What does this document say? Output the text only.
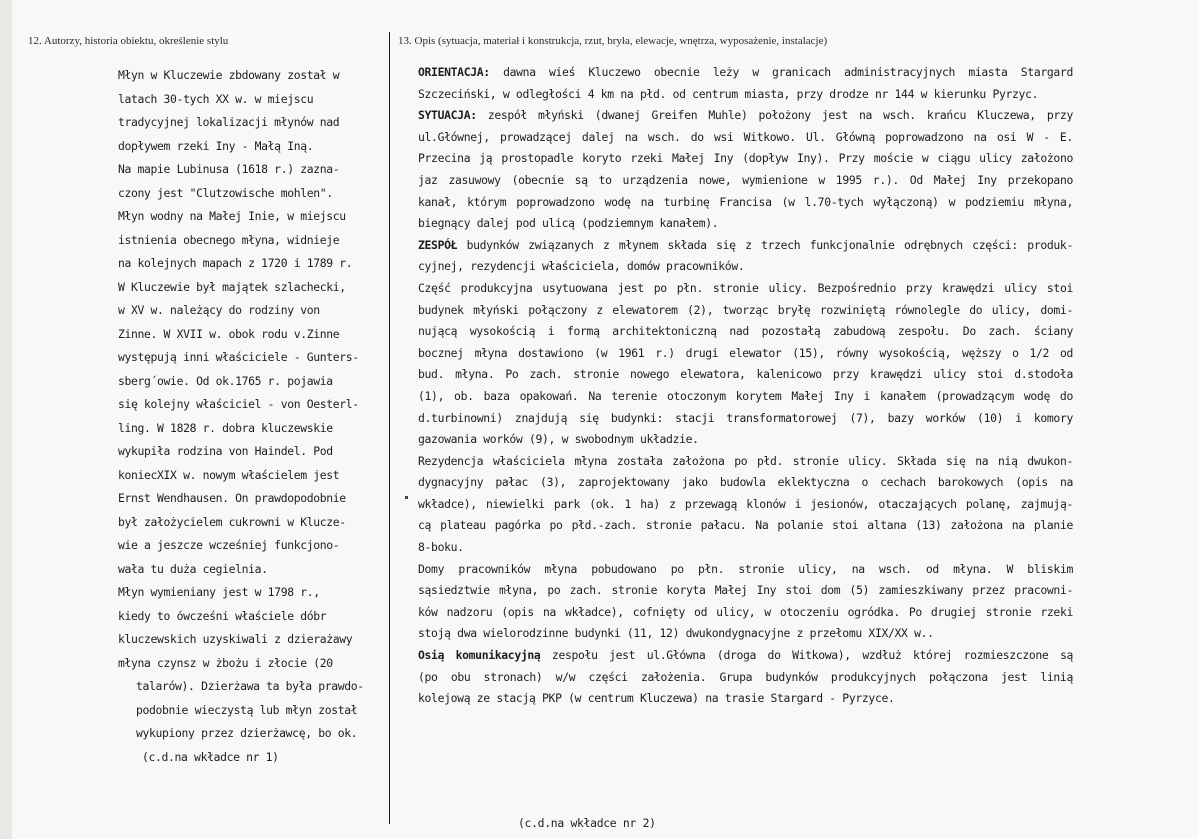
12. Autorzy, historia obiektu, określenie stylu	13. Opis (sytuacja, materiał i konstrukcja, rzut, bryła, elewacje, wnętrza, wyposażenie, instalacje)
Młyn w Kluczewie zbdowany został w
latach 30-tych XX w. w miejscu
tradycyjnej lokalizacji młynów nad
dopływem rzeki Iny - Małą Iną.
Na mapie Lubinusa (1618 r.) zazna-
czony jest "Clutzowische mohlen".
Młyn wodny na Małej Inie, w miejscu
istnienia obecnego młyna, widnieje
na kolejnych mapach z 1720 i 1789 r.
W Kluczewie był majątek szlachecki,
w XV w. należący do rodziny von
Zinne. W XVII w. obok rodu v.Zinne
występują inni właściciele - Gunters-
sberg´owie. Od ok.1765 r. pojawia
się kolejny właściciel - von Oesterl-
ling. W 1828 r. dobra kluczewskie
wykupiła rodzina von Haindel. Pod
koniecXIX w. nowym właścielem jest
Ernst Wendhausen. On prawdopodobnie
był założycielem cukrowni w Klucze-
wie a jeszcze wcześniej funkcjono-
wała tu duża cegielnia.
Młyn wymieniany jest w 1798 r.,
kiedy to ówcześni właściele dóbr
kluczewskich uzyskiwali z dzierażawy
młyna czynsz w żbożu i złocie (20
talarów). Dzierżawa ta była prawdo-
podobnie wieczystą lub młyn został
wykupiony przez dzierżawcę, bo ok.
(c.d.na wkładce nr 1)
ORIENTACJA: dawna wieś Kluczewo obecnie leży w granicach administracyjnych miasta Stargard
Szczeciński, w odległości 4 km na płd. od centrum miasta, przy drodze nr 144 w kierunku Pyrzyc.
SYTUACJA: zespół młyński (dwanej Greifen Muhle) położony jest na wsch. krańcu Kluczewa, przy
ul.Głównej, prowadzącej dalej na wsch. do wsi Witkowo. Ul. Główną poprowadzono na osi W - E.
Przecina ją prostopadle koryto rzeki Małej Iny (dopływ Iny). Przy moście w ciągu ulicy założono
jaz zasuwowy (obecnie są to urządzenia nowe, wymienione w 1995 r.). Od Małej Iny przekopano
kanał, którym poprowadzono wodę na turbinę Francisa (w l.70-tych wyłączoną) w podziemiu młyna,
biegnący dalej pod ulicą (podziemnym kanałem).
ZESPÓŁ budynków związanych z młynem składa się z trzech funkcjonalnie odrębnych części: produk-
cyjnej, rezydencji właściciela, domów pracowników.
Część produkcyjna usytuowana jest po płn. stronie ulicy. Bezpośrednio przy krawędzi ulicy stoi
budynek młyński połączony z elewatorem (2), tworząc bryłę rozwiniętą równolegle do ulicy, domi-
nującą wysokością i formą architektoniczną nad pozostałą zabudową zespołu. Do zach. ściany
bocznej młyna dostawiono (w 1961 r.) drugi elewator (15), równy wysokością, węższy o 1/2 od
bud. młyna. Po zach. stronie nowego elewatora, kalenicowo przy krawędzi ulicy stoi d.stodoła
(1), ob. baza opakowań. Na terenie otoczonym korytem Małej Iny i kanałem (prowadzącym wodę do
d.turbinowni) znajdują się budynki: stacji transformatorowej (7), bazy worków (10) i komory
gazowania worków (9), w swobodnym układzie.
Rezydencja właściciela młyna została założona po płd. stronie ulicy. Składa się na nią dwukon-
dygnacyjny pałac (3), zaprojektowany jako budowla eklektyczna o cechach barokowych (opis na
wkładce), niewielki park (ok. 1 ha) z przewagą klonów i jesionów, otaczających polanę, zajmują-
cą plateau pagórka po płd.-zach. stronie pałacu. Na polanie stoi altana (13) założona na planie
8-boku.
Domy pracowników młyna pobudowano po płn. stronie ulicy, na wsch. od młyna. W bliskim
sąsiedztwie młyna, po zach. stronie koryta Małej Iny stoi dom (5) zamieszkiwany przez pracowni-
ków nadzoru (opis na wkładce), cofnięty od ulicy, w otoczeniu ogródka. Po drugiej stronie rzeki
stoją dwa wielorodzinne budynki (11, 12) dwukondygnacyjne z przełomu XIX/XX w..
Osią komunikacyjną zespołu jest ul.Główna (droga do Witkowa), wzdłuż której rozmieszczone są
(po obu stronach) w/w części założenia. Grupa budynków produkcyjnych połączona jest linią
kolejową ze stacją PKP (w centrum Kluczewa) na trasie Stargard - Pyrzyce.
(c.d.na wkładce nr 2)
